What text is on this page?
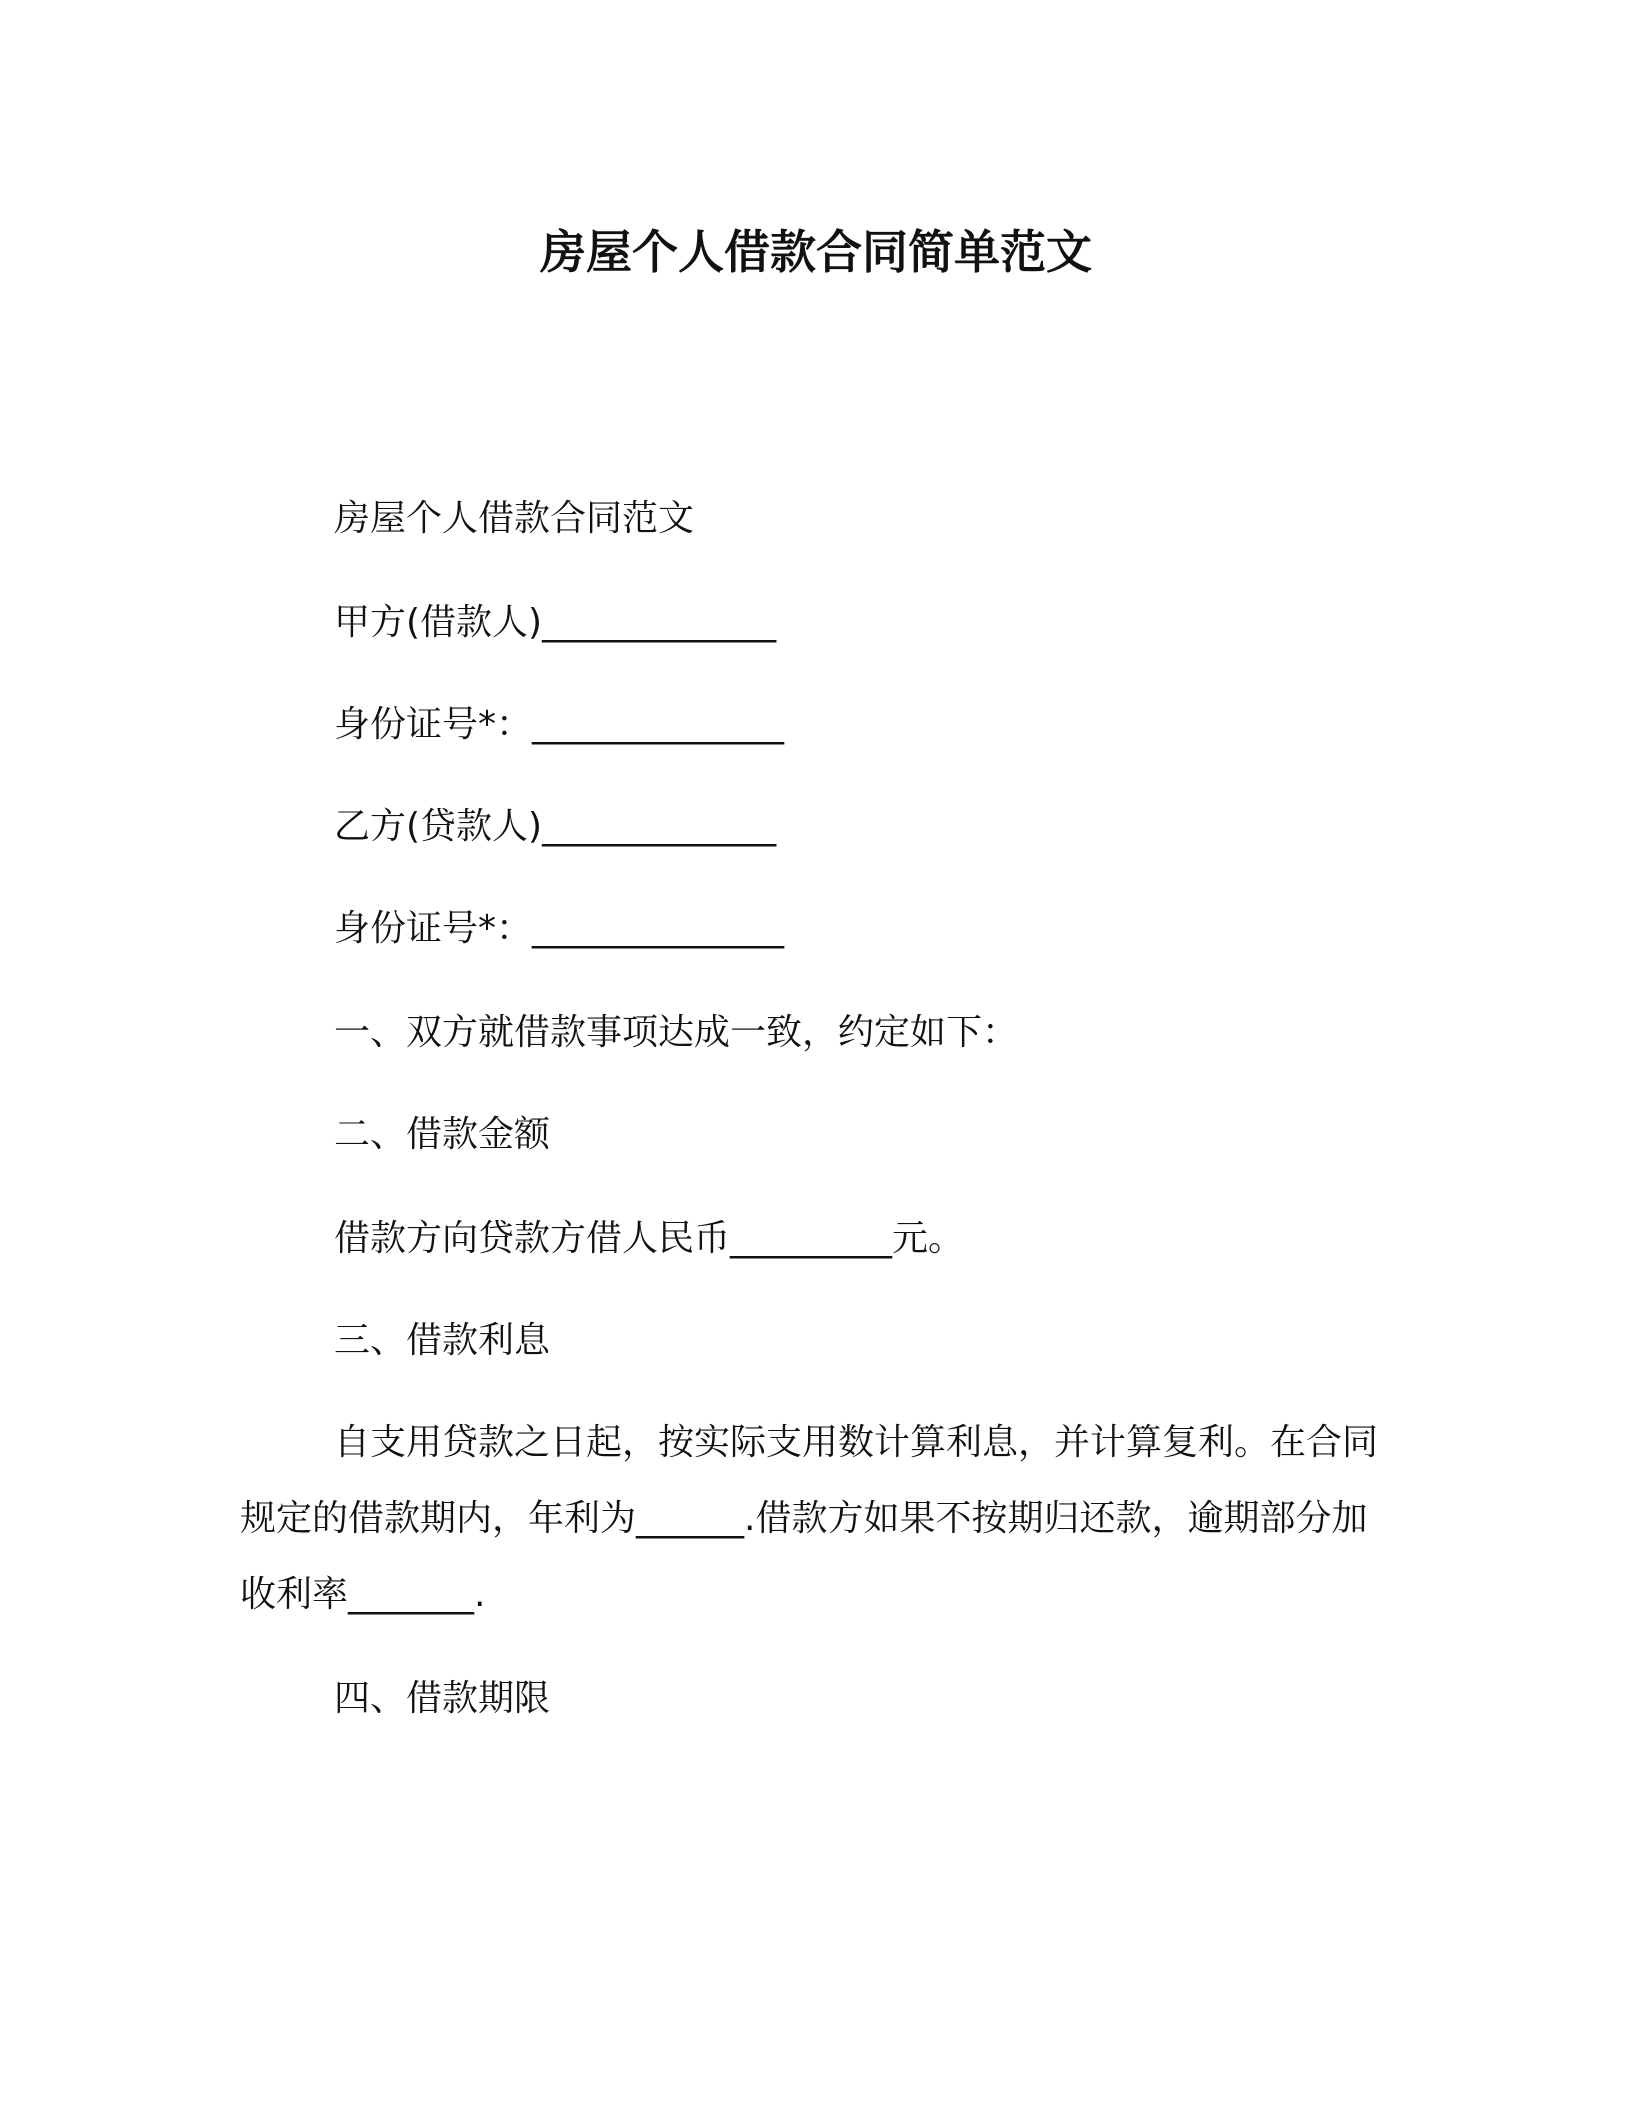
房屋个人借款合同简单范文
房屋个人借款合同范文
甲方(借款人)_____________
身份证号*：______________
乙方(贷款人)_____________
身份证号*：______________
一、双方就借款事项达成一致，约定如下：
二、借款金额
借款方向贷款方借人民币_________元。
三、借款利息
自支用贷款之日起，按实际支用数计算利息，并计算复利。在合同规定的借款期内，年利为______.借款方如果不按期归还款，逾期部分加收利率_______.
四、借款期限
